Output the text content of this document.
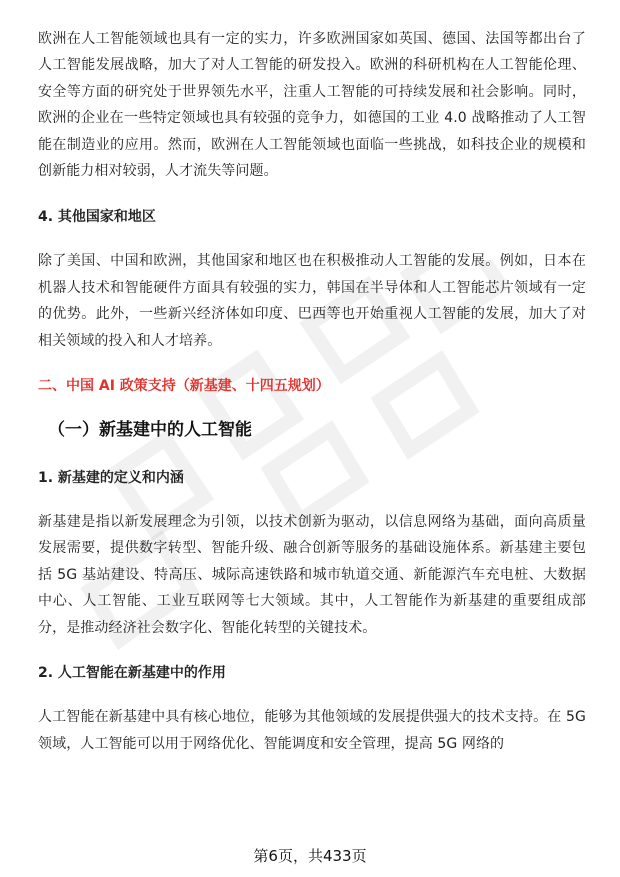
欧洲在人工智能领域也具有一定的实力，许多欧洲国家如英国、德国、法国等都出台了人工智能发展战略，加大了对人工智能的研发投入。欧洲的科研机构在人工智能伦理、安全等方面的研究处于世界领先水平，注重人工智能的可持续发展和社会影响。同时，欧洲的企业在一些特定领域也具有较强的竞争力，如德国的工业 4.0 战略推动了人工智能在制造业的应用。然而，欧洲在人工智能领域也面临一些挑战，如科技企业的规模和创新能力相对较弱，人才流失等问题。

4. 其他国家和地区

除了美国、中国和欧洲，其他国家和地区也在积极推动人工智能的发展。例如，日本在机器人技术和智能硬件方面具有较强的实力，韩国在半导体和人工智能芯片领域有一定的优势。此外，一些新兴经济体如印度、巴西等也开始重视人工智能的发展，加大了对相关领域的投入和人才培养。

二、中国 AI 政策支持（新基建、十四五规划）

（一）新基建中的人工智能

1. 新基建的定义和内涵

新基建是指以新发展理念为引领，以技术创新为驱动，以信息网络为基础，面向高质量发展需要，提供数字转型、智能升级、融合创新等服务的基础设施体系。新基建主要包括 5G 基站建设、特高压、城际高速铁路和城市轨道交通、新能源汽车充电桩、大数据中心、人工智能、工业互联网等七大领域。其中，人工智能作为新基建的重要组成部分，是推动经济社会数字化、智能化转型的关键技术。

2. 人工智能在新基建中的作用

人工智能在新基建中具有核心地位，能够为其他领域的发展提供强大的技术支持。在 5G 领域，人工智能可以用于网络优化、智能调度和安全管理，提高 5G 网络的

第6页，共433页
